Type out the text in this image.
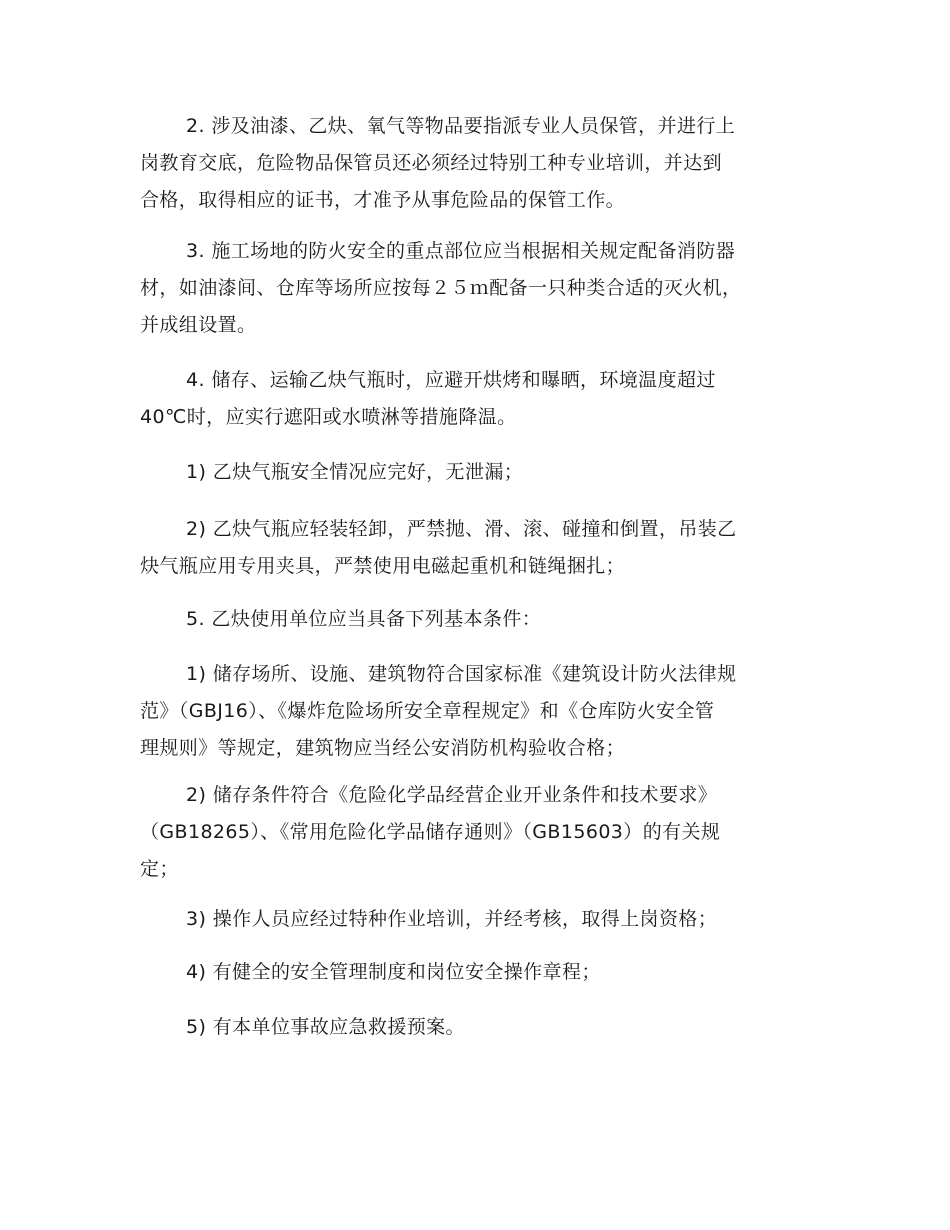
2. 涉及油漆、乙炔、氧气等物品要指派专业人员保管，并进行上
岗教育交底，危险物品保管员还必须经过特别工种专业培训，并达到
合格，取得相应的证书，才准予从事危险品的保管工作。
3. 施工场地的防火安全的重点部位应当根据相关规定配备消防器
材，如油漆间、仓库等场所应按每２５ｍ配备一只种类合适的灭火机，
并成组设置。
4. 储存、运输乙炔气瓶时，应避开烘烤和曝晒，环境温度超过
40℃时，应实行遮阳或水喷淋等措施降温。
1) 乙炔气瓶安全情况应完好，无泄漏；
2) 乙炔气瓶应轻装轻卸，严禁抛、滑、滚、碰撞和倒置，吊装乙
炔气瓶应用专用夹具，严禁使用电磁起重机和链绳捆扎；
5. 乙炔使用单位应当具备下列基本条件：
1) 储存场所、设施、建筑物符合国家标准《建筑设计防火法律规
范》（GBJ16）、《爆炸危险场所安全章程规定》和《仓库防火安全管
理规则》等规定，建筑物应当经公安消防机构验收合格；
2) 储存条件符合《危险化学品经营企业开业条件和技术要求》
（GB18265）、《常用危险化学品储存通则》（GB15603）的有关规
定；
3) 操作人员应经过特种作业培训，并经考核，取得上岗资格；
4) 有健全的安全管理制度和岗位安全操作章程；
5) 有本单位事故应急救援预案。
